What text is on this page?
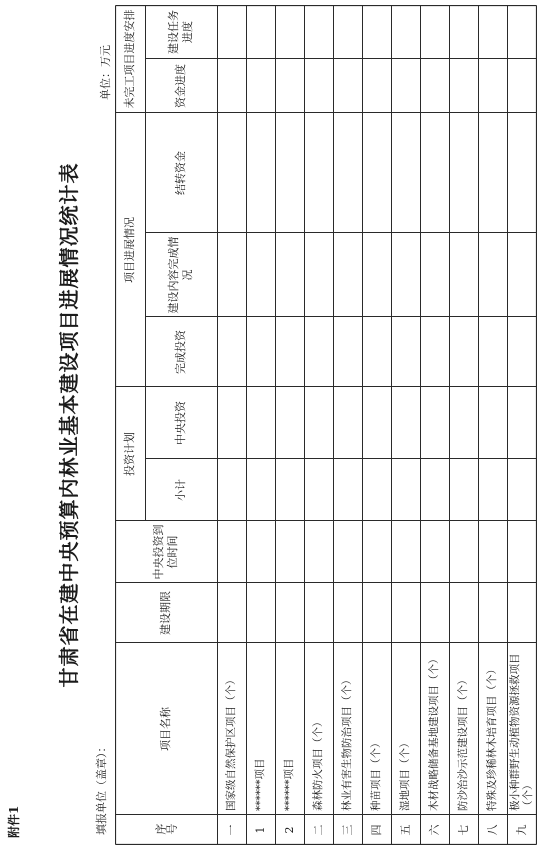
附件1
甘肃省在建中央预算内林业基本建设项目进展情况统计表
填报单位（盖章）：
单位：万元
序号
项目名称
建设期限
中央投资到位时间
投资计划
小计
中央投资
项目进展情况
完成投资
建设内容完成情况
结转资金
未完工项目进度安排	资金进度
建设任务进度
一
国家级自然保护区项目（个）
1
******项目
2
******项目
二
森林防火项目（个）
三
林业有害生物防治项目（个）
四
种苗项目（个）
五
湿地项目（个）
六
木材战略储备基地建设项目（个）
七
防沙治沙示范建设项目（个）
八
特殊及珍稀林木培育项目（个）
九
极小种群野生动植物资源拯救项目（个）
